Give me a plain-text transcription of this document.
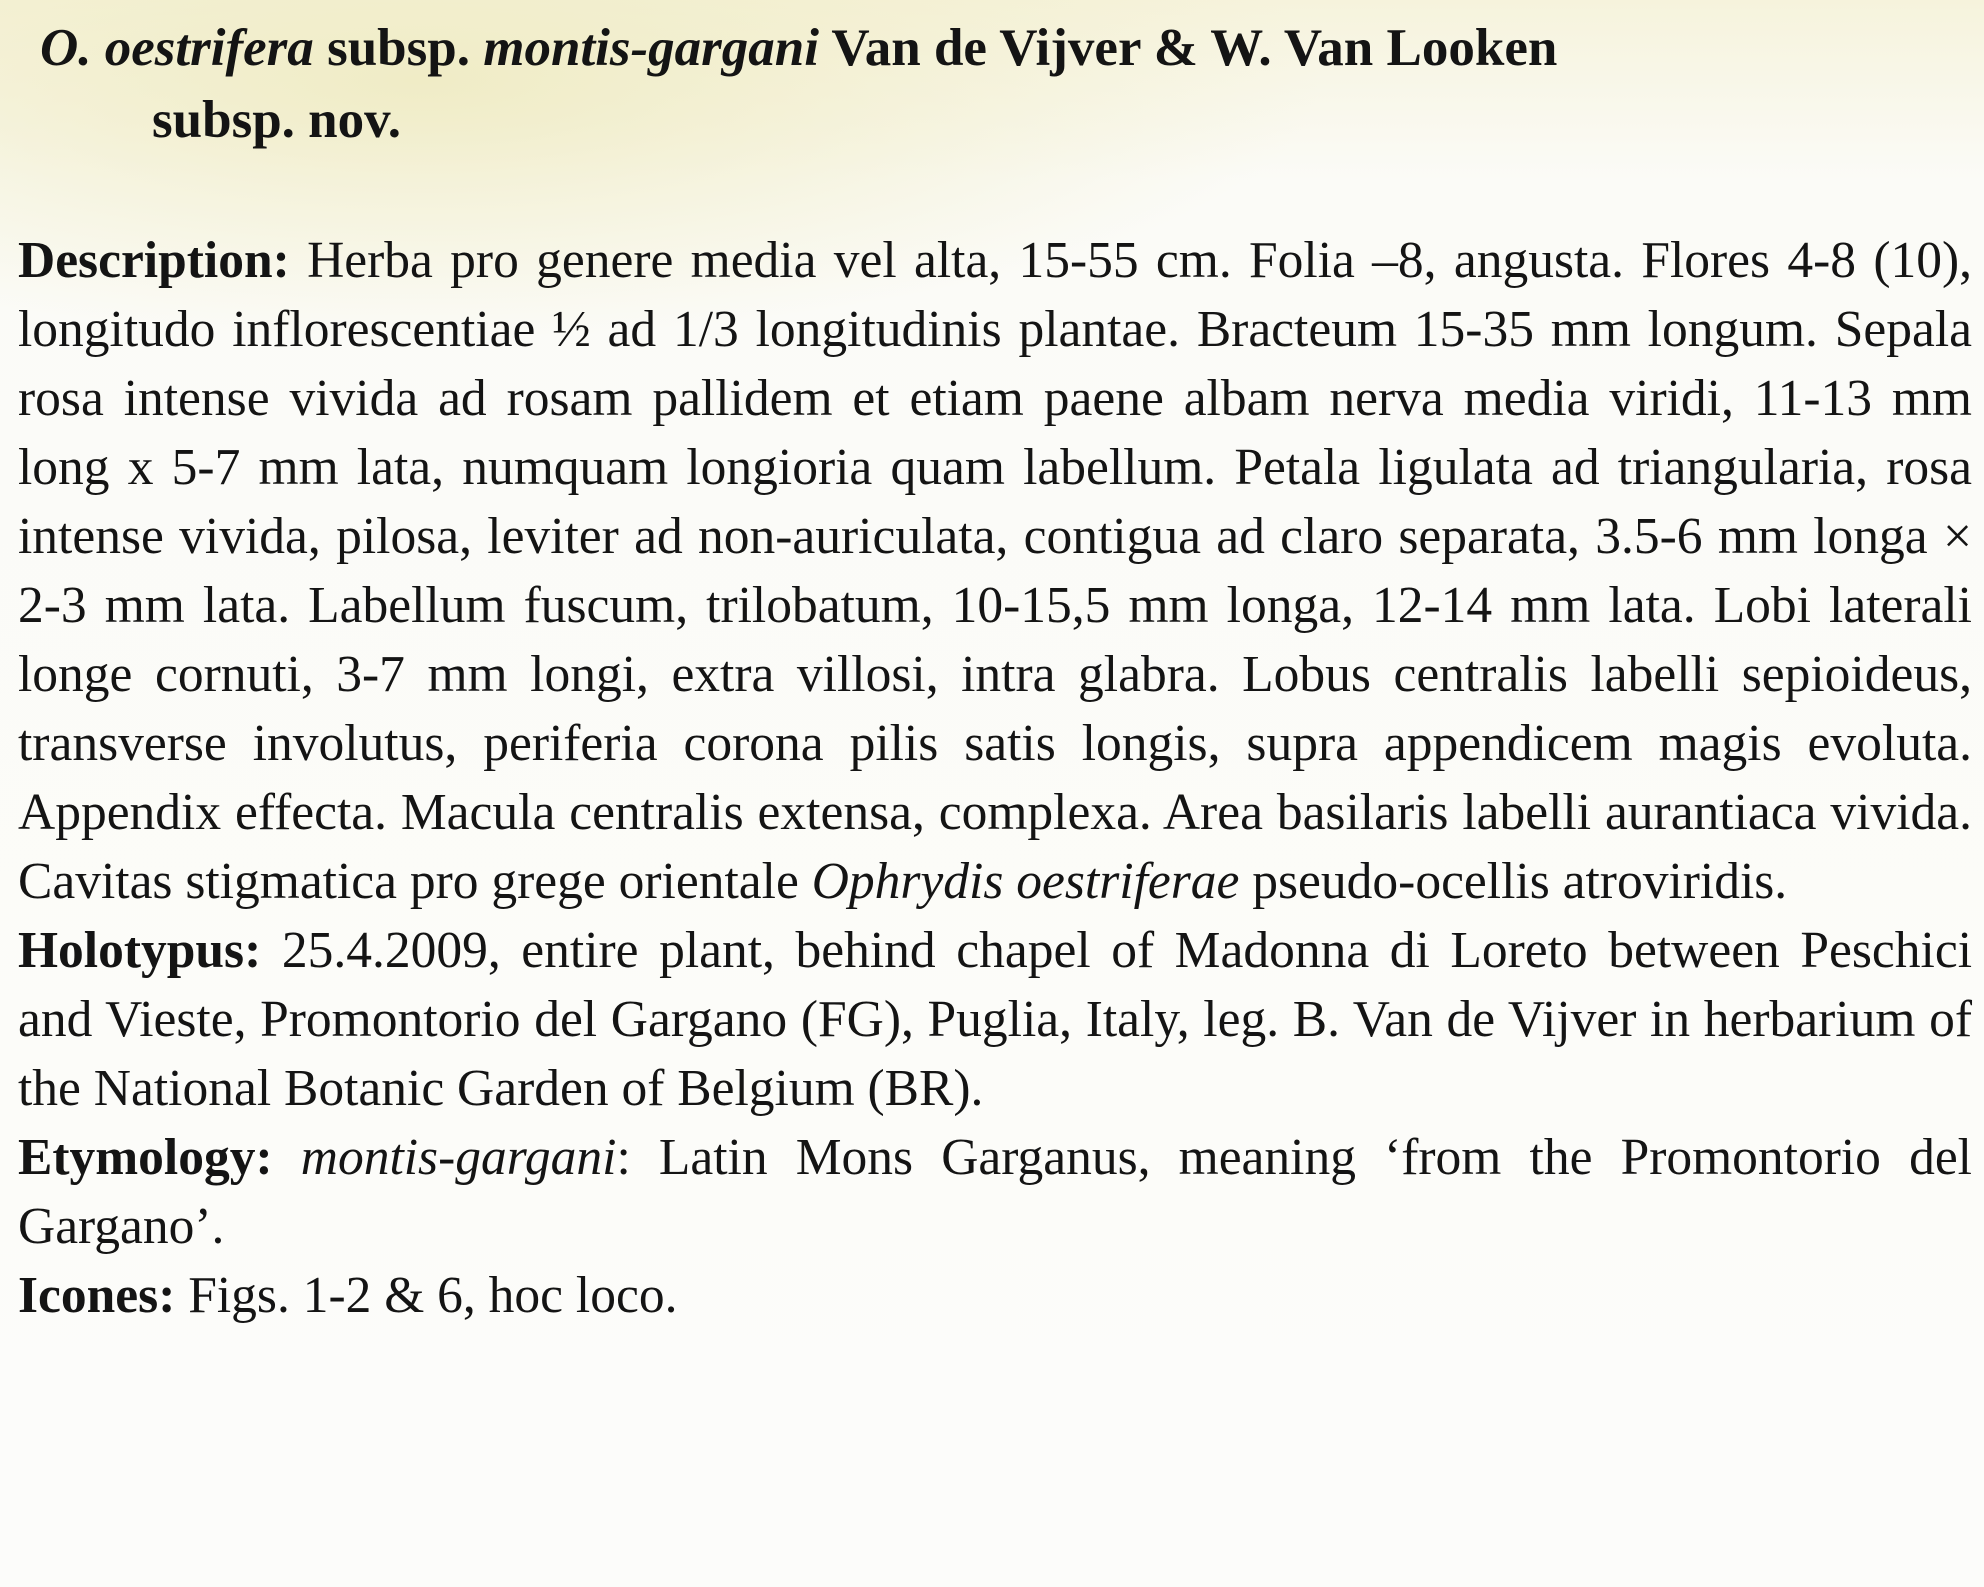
O. oestrifera subsp. montis-gargani Van de Vijver & W. Van Looken
subsp. nov.

Description: Herba pro genere media vel alta, 15-55 cm. Folia –8, angusta. Flores 4-8 (10), longitudo inflorescentiae ½ ad 1/3 longitudinis plantae. Bracteum 15-35 mm longum. Sepala rosa intense vivida ad rosam pallidem et etiam paene albam nerva media viridi, 11-13 mm long x 5-7 mm lata, numquam longioria quam labellum. Petala ligulata ad triangularia, rosa intense vivida, pilosa, leviter ad non-auriculata, contigua ad claro separata, 3.5-6 mm longa × 2-3 mm lata. Labellum fuscum, trilobatum, 10-15,5 mm longa, 12-14 mm lata. Lobi laterali longe cornuti, 3-7 mm longi, extra villosi, intra glabra. Lobus centralis labelli sepioideus, transverse involutus, periferia corona pilis satis longis, supra appendicem magis evoluta. Appendix effecta. Macula centralis extensa, complexa. Area basilaris labelli aurantiaca vivida. Cavitas stigmatica pro grege orientale Ophrydis oestriferae pseudo-ocellis atroviridis.

Holotypus: 25.4.2009, entire plant, behind chapel of Madonna di Loreto between Peschici and Vieste, Promontorio del Gargano (FG), Puglia, Italy, leg. B. Van de Vijver in herbarium of the National Botanic Garden of Belgium (BR).

Etymology: montis-gargani: Latin Mons Garganus, meaning ‘from the Promontorio del Gargano’.

Icones: Figs. 1-2 & 6, hoc loco.
